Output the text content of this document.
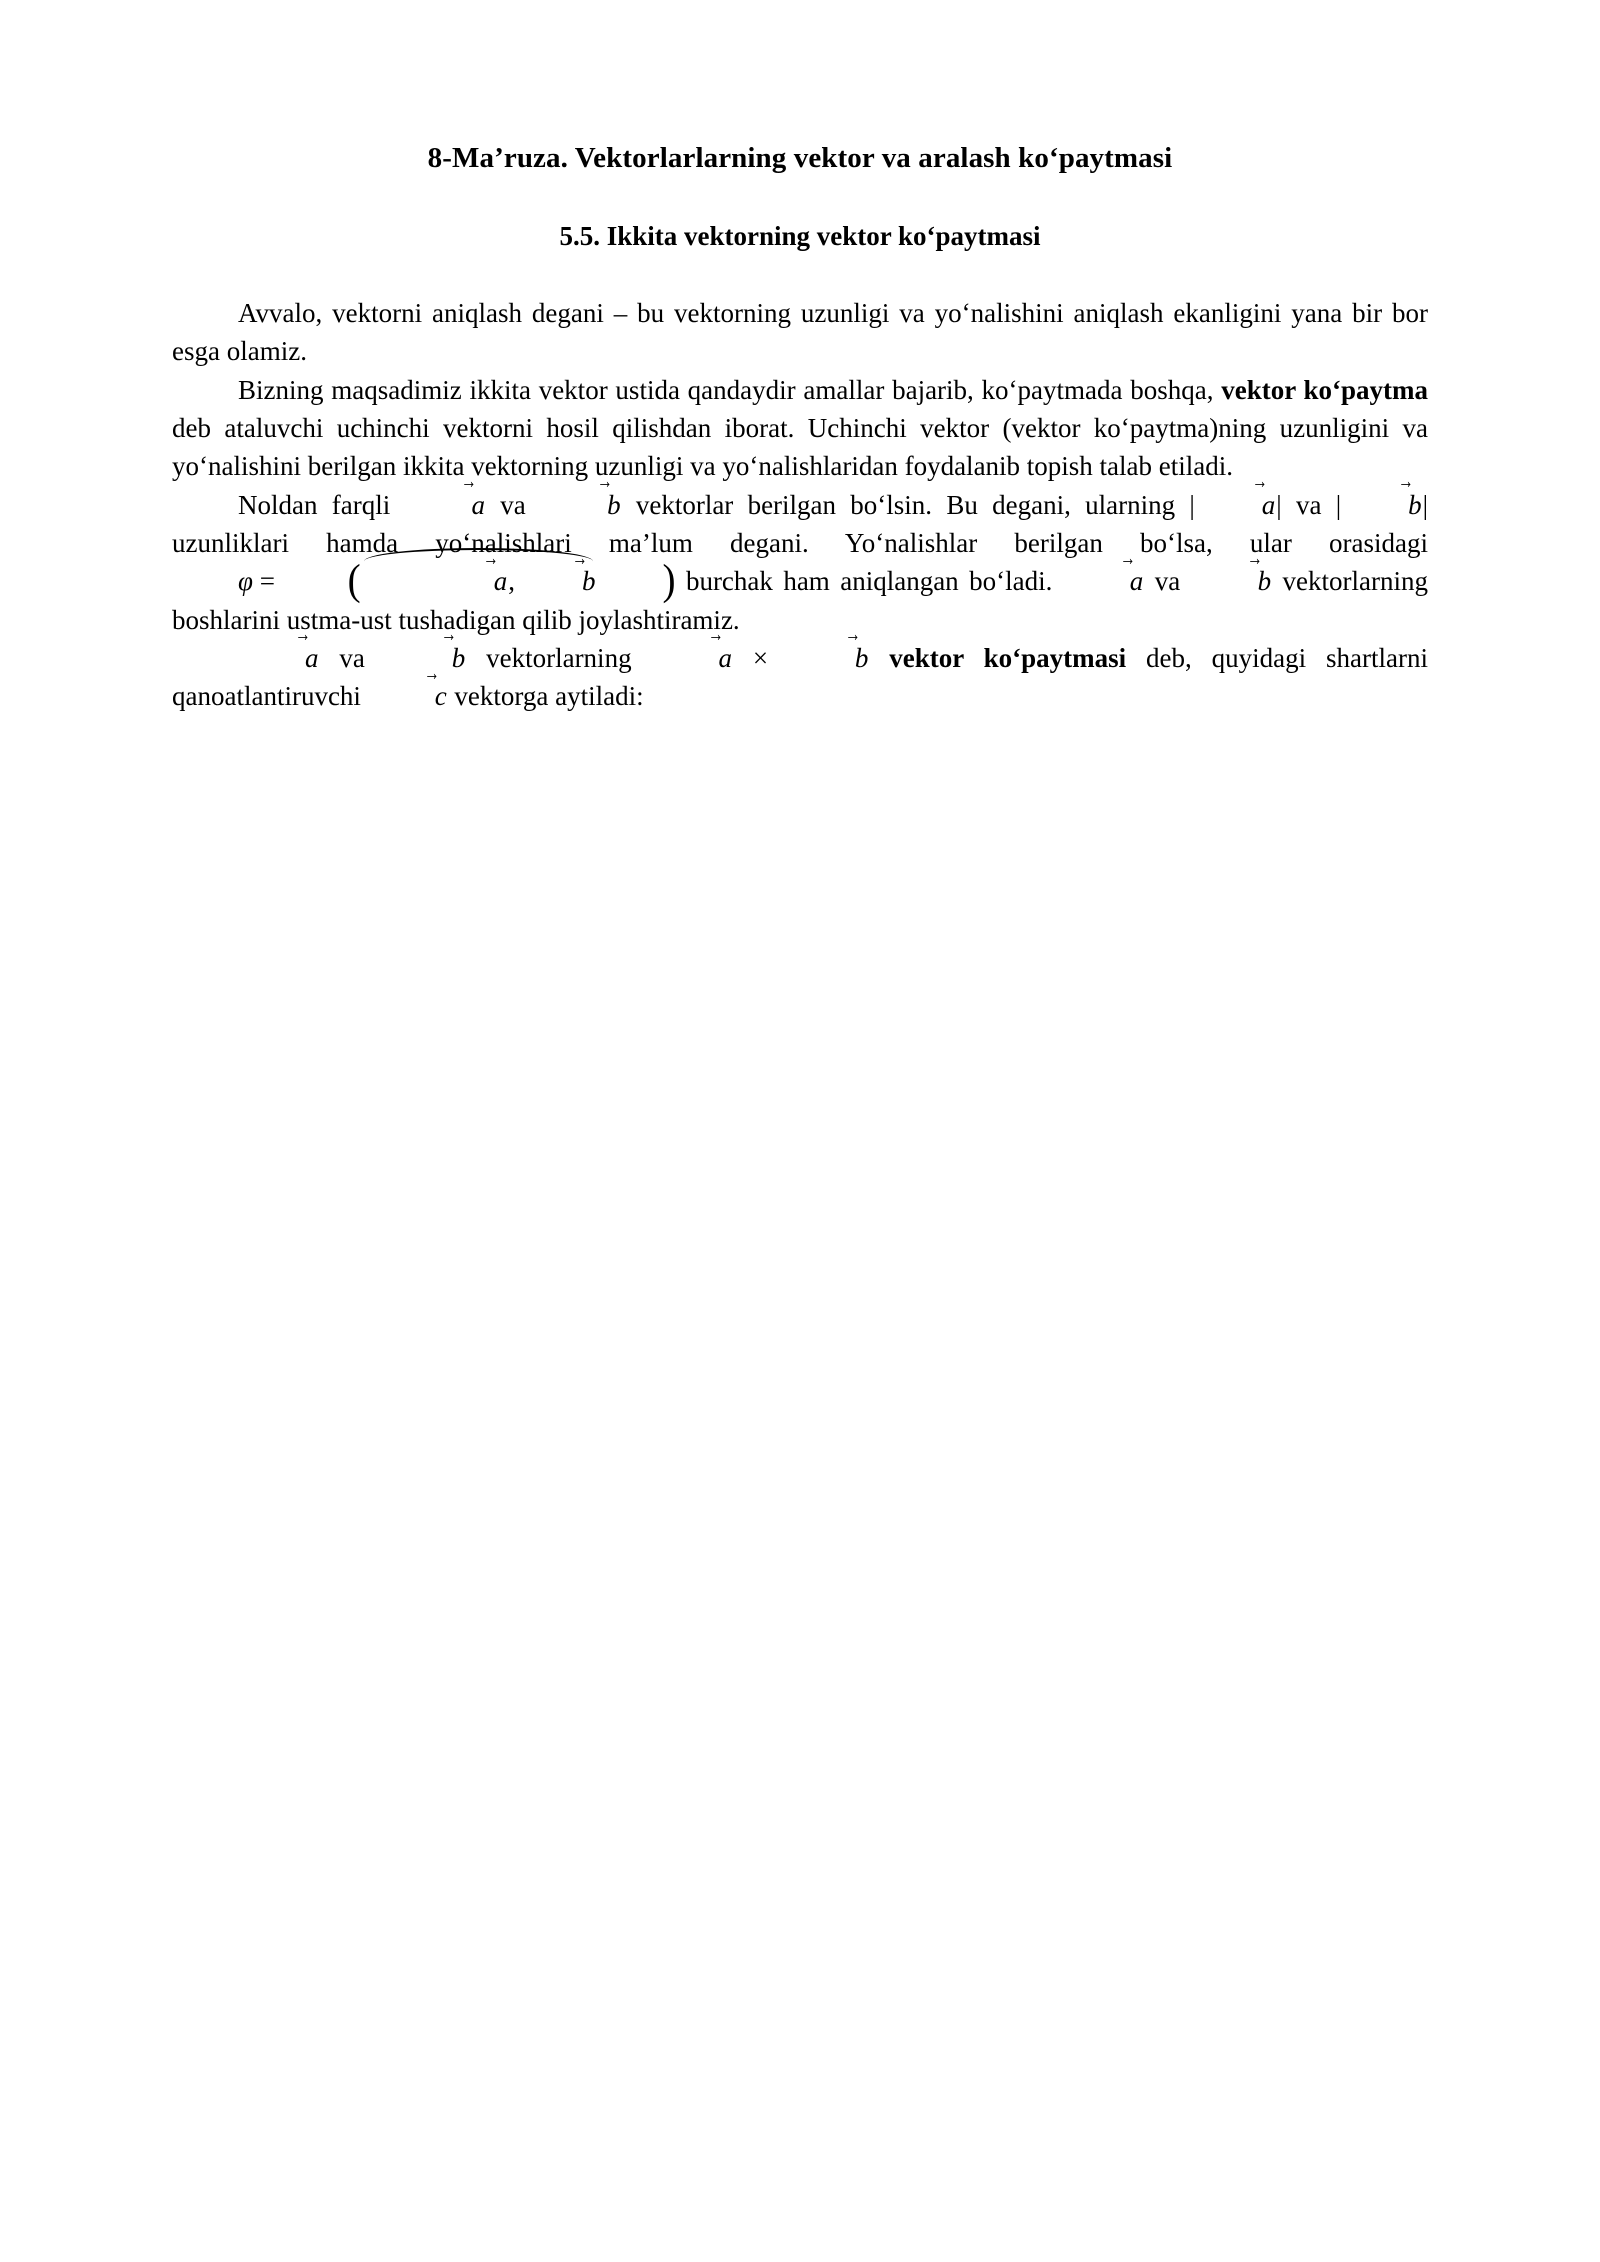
8-Ma’ruza. Vektorlarlarning vektor va aralash ko‘paytmasi
5.5. Ikkita vektorning vektor ko‘paytmasi

Avvalo, vektorni aniqlash degani – bu vektorning uzunligi va yo‘nalishini aniqlash ekanligini yana bir bor esga olamiz.

Bizning maqsadimiz ikkita vektor ustida qandaydir amallar bajarib, ko‘paytmada boshqa, vektor ko‘paytma deb ataluvchi uchinchi vektorni hosil qilishdan iborat. Uchinchi vektor (vektor ko‘paytma)ning uzunligini va yo‘nalishini berilgan ikkita vektorning uzunligi va yo‘nalishlaridan foydalanib topish talab etiladi.

Noldan farqli a → va b → vektorlar berilgan bo‘lsin. Bu degani, ularning | a →| va | b →| uzunliklari hamda yo‘nalishlari ma’lum degani. Yo‘nalishlar berilgan bo‘lsa, ular orasidagi φ = (	a →, b → ) burchak ham aniqlangan bo‘ladi. a → va b → vektorlarning boshlarini ustma-ust tushadigan qilib joylashtiramiz.

a → va b → vektorlarning a → ×	b → vektor ko‘paytmasi deb, quyidagi shartlarni qanoatlantiruvchi c → vektorga aytiladi:
